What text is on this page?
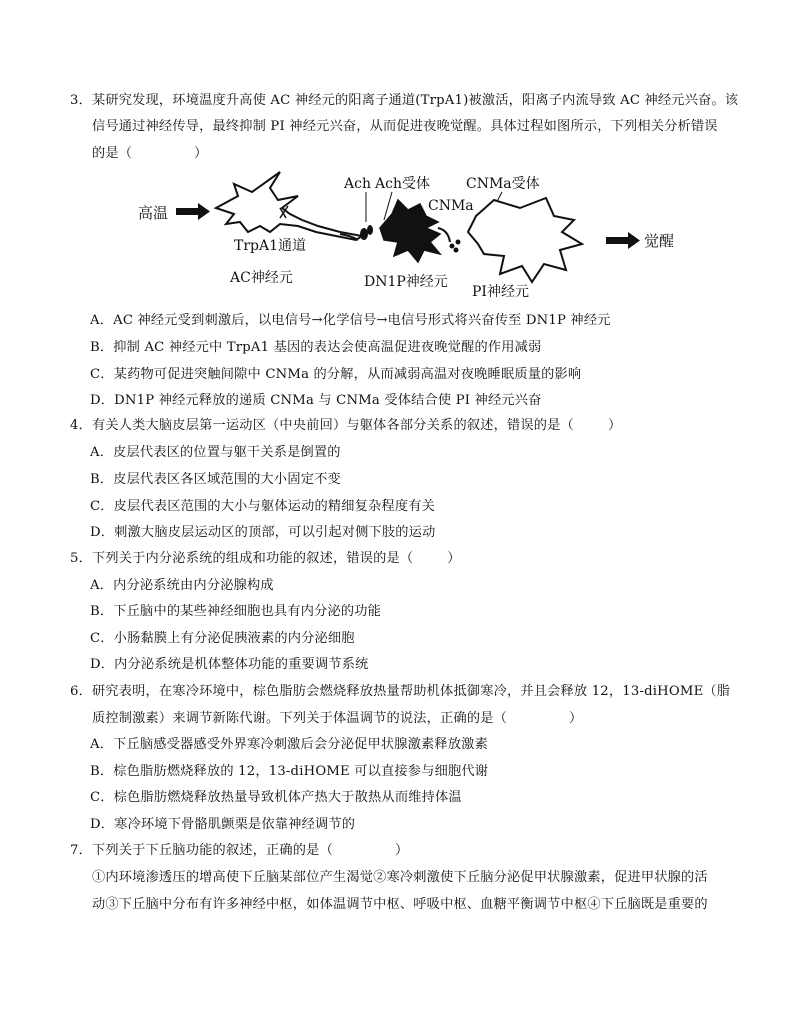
3．某研究发现，环境温度升高使 AC 神经元的阳离子通道(TrpA1)被激活，阳离子内流导致 AC 神经元兴奋。该
信号通过神经传导，最终抑制 PI 神经元兴奋，从而促进夜晚觉醒。具体过程如图所示，下列相关分析错误
的是（	）
高温
TrpA1通道
AC神经元
Ach Ach受体
CNMa
DN1P神经元
CNMa受体
PI神经元
觉醒
A．AC 神经元受到刺激后，以电信号→化学信号→电信号形式将兴奋传至 DN1P 神经元
B．抑制 AC 神经元中 TrpA1 基因的表达会使高温促进夜晚觉醒的作用减弱
C．某药物可促进突触间隙中 CNMa 的分解，从而减弱高温对夜晚睡眠质量的影响
D．DN1P 神经元释放的递质 CNMa 与 CNMa 受体结合使 PI 神经元兴奋
4．有关人类大脑皮层第一运动区（中央前回）与躯体各部分关系的叙述，错误的是（	）
A．皮层代表区的位置与躯干关系是倒置的
B．皮层代表区各区域范围的大小固定不变
C．皮层代表区范围的大小与躯体运动的精细复杂程度有关
D．刺激大脑皮层运动区的顶部，可以引起对侧下肢的运动
5．下列关于内分泌系统的组成和功能的叙述，错误的是（	）
A．内分泌系统由内分泌腺构成
B．下丘脑中的某些神经细胞也具有内分泌的功能
C．小肠黏膜上有分泌促胰液素的内分泌细胞
D．内分泌系统是机体整体功能的重要调节系统
6．研究表明，在寒冷环境中，棕色脂肪会燃烧释放热量帮助机体抵御寒冷，并且会释放 12，13-diHOME（脂
质控制激素）来调节新陈代谢。下列关于体温调节的说法，正确的是（	）
A．下丘脑感受器感受外界寒冷刺激后会分泌促甲状腺激素释放激素
B．棕色脂肪燃烧释放的 12，13-diHOME 可以直接参与细胞代谢
C．棕色脂肪燃烧释放热量导致机体产热大于散热从而维持体温
D．寒冷环境下骨骼肌颤栗是依靠神经调节的
7．下列关于下丘脑功能的叙述，正确的是（	）
①内环境渗透压的增高使下丘脑某部位产生渴觉②寒冷刺激使下丘脑分泌促甲状腺激素，促进甲状腺的活
动③下丘脑中分布有许多神经中枢，如体温调节中枢、呼吸中枢、血糖平衡调节中枢④下丘脑既是重要的
